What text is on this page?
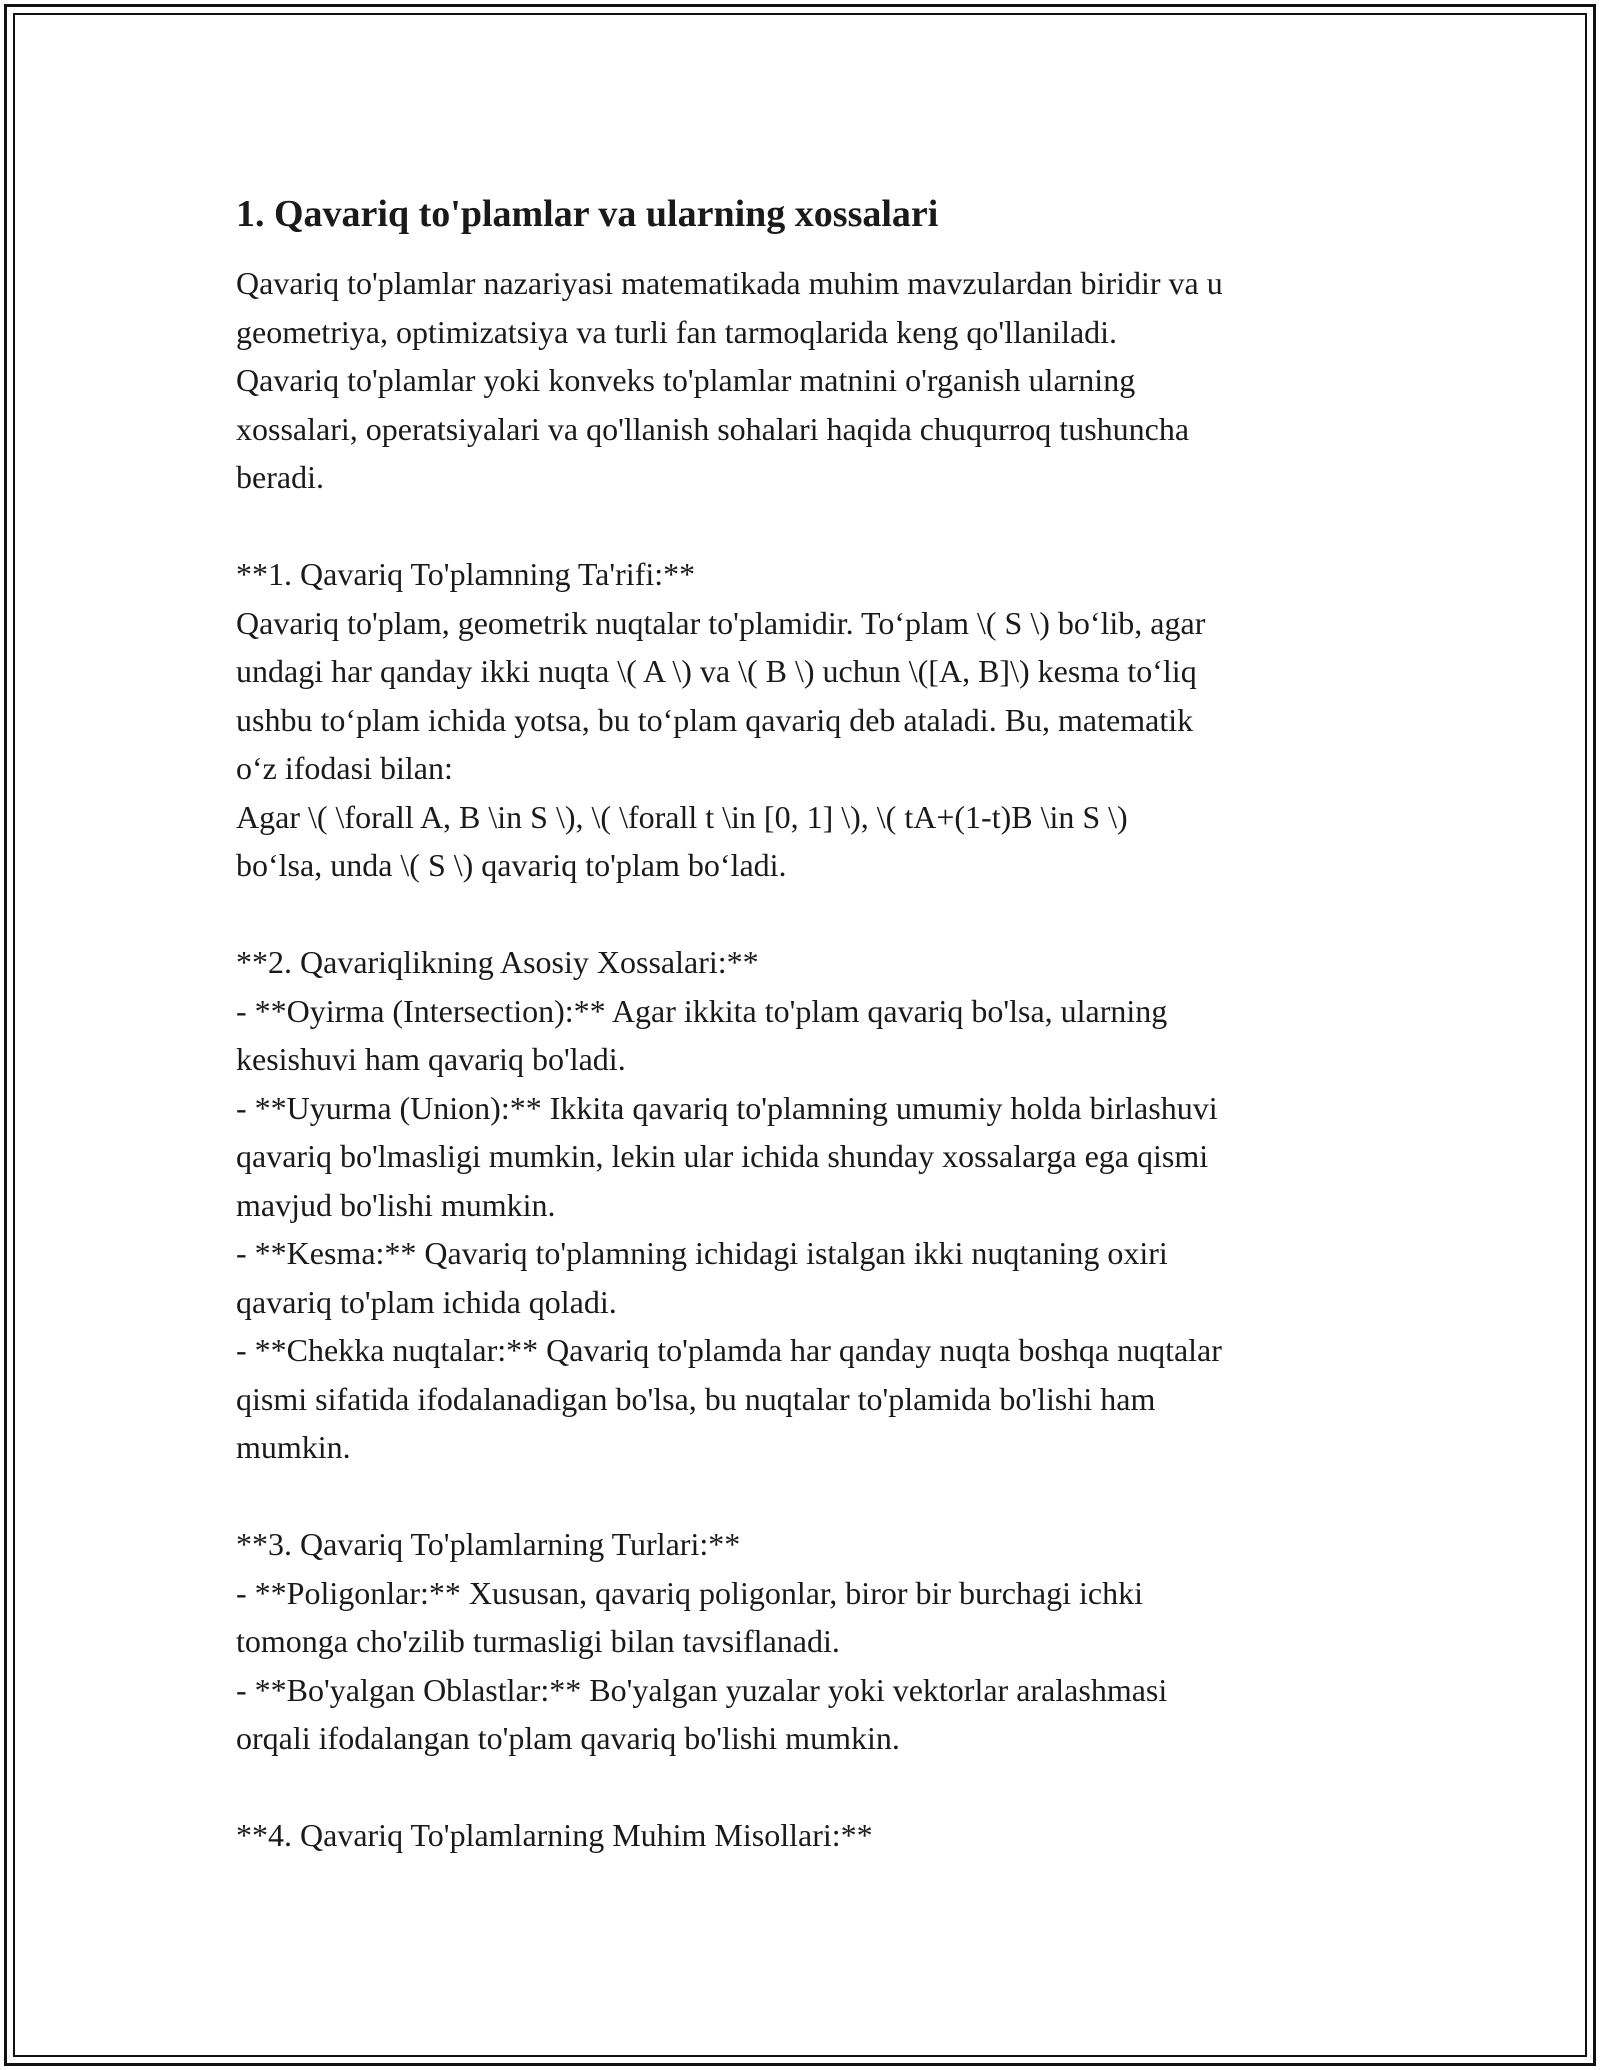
1. Qavariq to'plamlar va ularning xossalari
Qavariq to'plamlar nazariyasi matematikada muhim mavzulardan biridir va u
geometriya, optimizatsiya va turli fan tarmoqlarida keng qo'llaniladi.
Qavariq to'plamlar yoki konveks to'plamlar matnini o'rganish ularning
xossalari, operatsiyalari va qo'llanish sohalari haqida chuqurroq tushuncha
beradi.
**1. Qavariq To'plamning Ta'rifi:**
Qavariq to'plam, geometrik nuqtalar to'plamidir. To‘plam \( S \) bo‘lib, agar
undagi har qanday ikki nuqta \( A \) va \( B \) uchun \([A, B]\) kesma to‘liq
ushbu to‘plam ichida yotsa, bu to‘plam qavariq deb ataladi. Bu, matematik
o‘z ifodasi bilan:
Agar \( \forall A, B \in S \), \( \forall t \in [0, 1] \), \( tA+(1-t)B \in S \)
bo‘lsa, unda \( S \) qavariq to'plam bo‘ladi.
**2. Qavariqlikning Asosiy Xossalari:**
- **Oyirma (Intersection):** Agar ikkita to'plam qavariq bo'lsa, ularning
kesishuvi ham qavariq bo'ladi.
- **Uyurma (Union):** Ikkita qavariq to'plamning umumiy holda birlashuvi
qavariq bo'lmasligi mumkin, lekin ular ichida shunday xossalarga ega qismi
mavjud bo'lishi mumkin.
- **Kesma:** Qavariq to'plamning ichidagi istalgan ikki nuqtaning oxiri
qavariq to'plam ichida qoladi.
- **Chekka nuqtalar:** Qavariq to'plamda har qanday nuqta boshqa nuqtalar
qismi sifatida ifodalanadigan bo'lsa, bu nuqtalar to'plamida bo'lishi ham
mumkin.
**3. Qavariq To'plamlarning Turlari:**
- **Poligonlar:** Xususan, qavariq poligonlar, biror bir burchagi ichki
tomonga cho'zilib turmasligi bilan tavsiflanadi.
- **Bo'yalgan Oblastlar:** Bo'yalgan yuzalar yoki vektorlar aralashmasi
orqali ifodalangan to'plam qavariq bo'lishi mumkin.
**4. Qavariq To'plamlarning Muhim Misollari:**
